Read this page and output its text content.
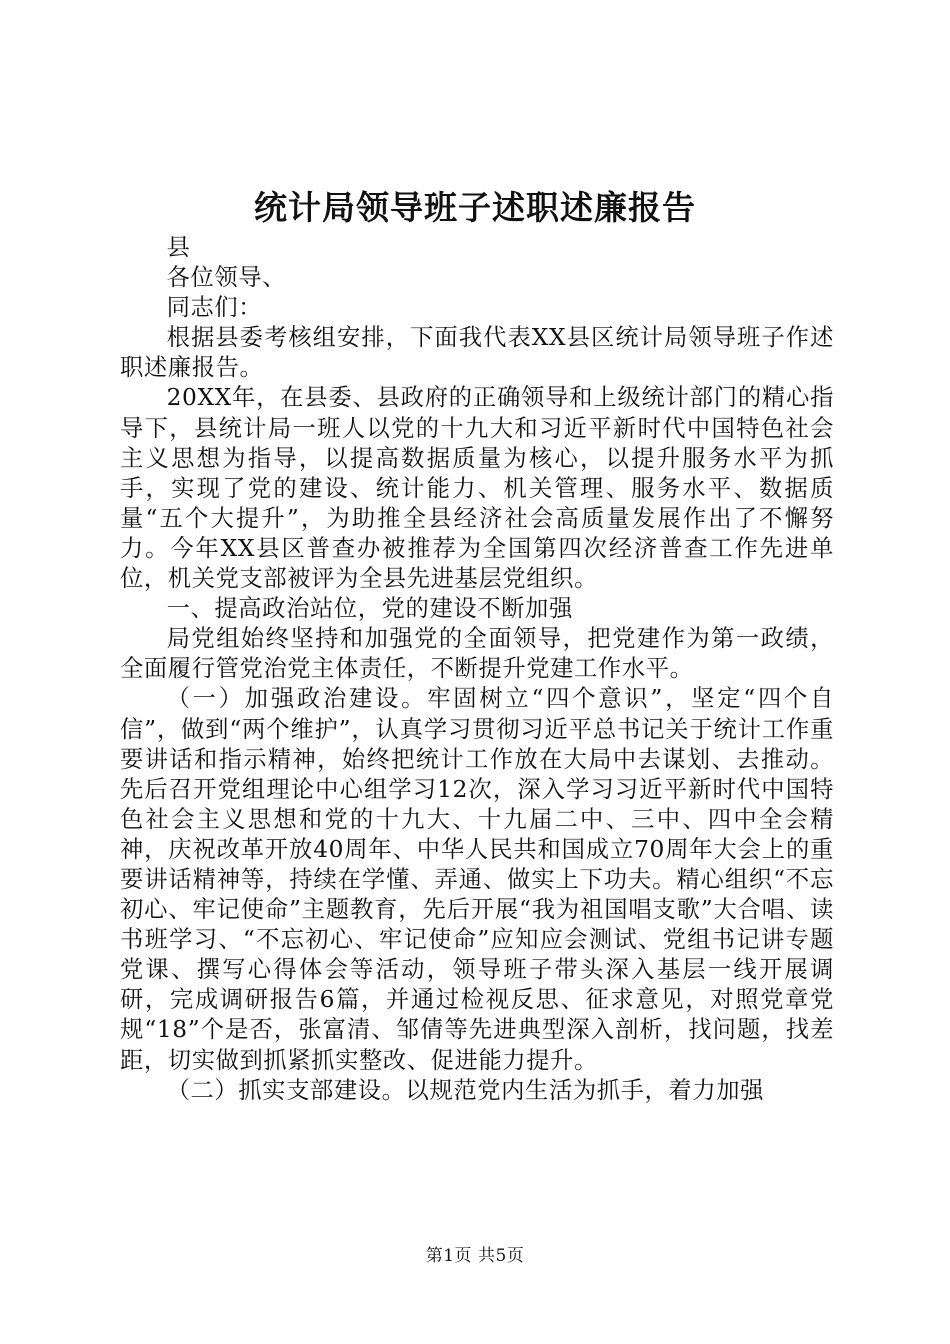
统计局领导班子述职述廉报告

县

各位领导、

同志们：

根据县委考核组安排，下面我代表XX县区统计局领导班子作述职述廉报告。

20XX年，在县委、县政府的正确领导和上级统计部门的精心指导下，县统计局一班人以党的十九大和习近平新时代中国特色社会主义思想为指导，以提高数据质量为核心，以提升服务水平为抓手，实现了党的建设、统计能力、机关管理、服务水平、数据质量“五个大提升”，为助推全县经济社会高质量发展作出了不懈努力。今年XX县区普查办被推荐为全国第四次经济普查工作先进单位，机关党支部被评为全县先进基层党组织。

一、提高政治站位，党的建设不断加强

局党组始终坚持和加强党的全面领导，把党建作为第一政绩，全面履行管党治党主体责任，不断提升党建工作水平。

（一）加强政治建设。牢固树立“四个意识”，坚定“四个自信”，做到“两个维护”，认真学习贯彻习近平总书记关于统计工作重要讲话和指示精神，始终把统计工作放在大局中去谋划、去推动。先后召开党组理论中心组学习12次，深入学习习近平新时代中国特色社会主义思想和党的十九大、十九届二中、三中、四中全会精神，庆祝改革开放40周年、中华人民共和国成立70周年大会上的重要讲话精神等，持续在学懂、弄通、做实上下功夫。精心组织“不忘初心、牢记使命”主题教育，先后开展“我为祖国唱支歌”大合唱、读书班学习、“不忘初心、牢记使命”应知应会测试、党组书记讲专题党课、撰写心得体会等活动，领导班子带头深入基层一线开展调研，完成调研报告6篇，并通过检视反思、征求意见，对照党章党规“18”个是否，张富清、邹倩等先进典型深入剖析，找问题，找差距，切实做到抓紧抓实整改、促进能力提升。

（二）抓实支部建设。以规范党内生活为抓手，着力加强

第1页 共5页
